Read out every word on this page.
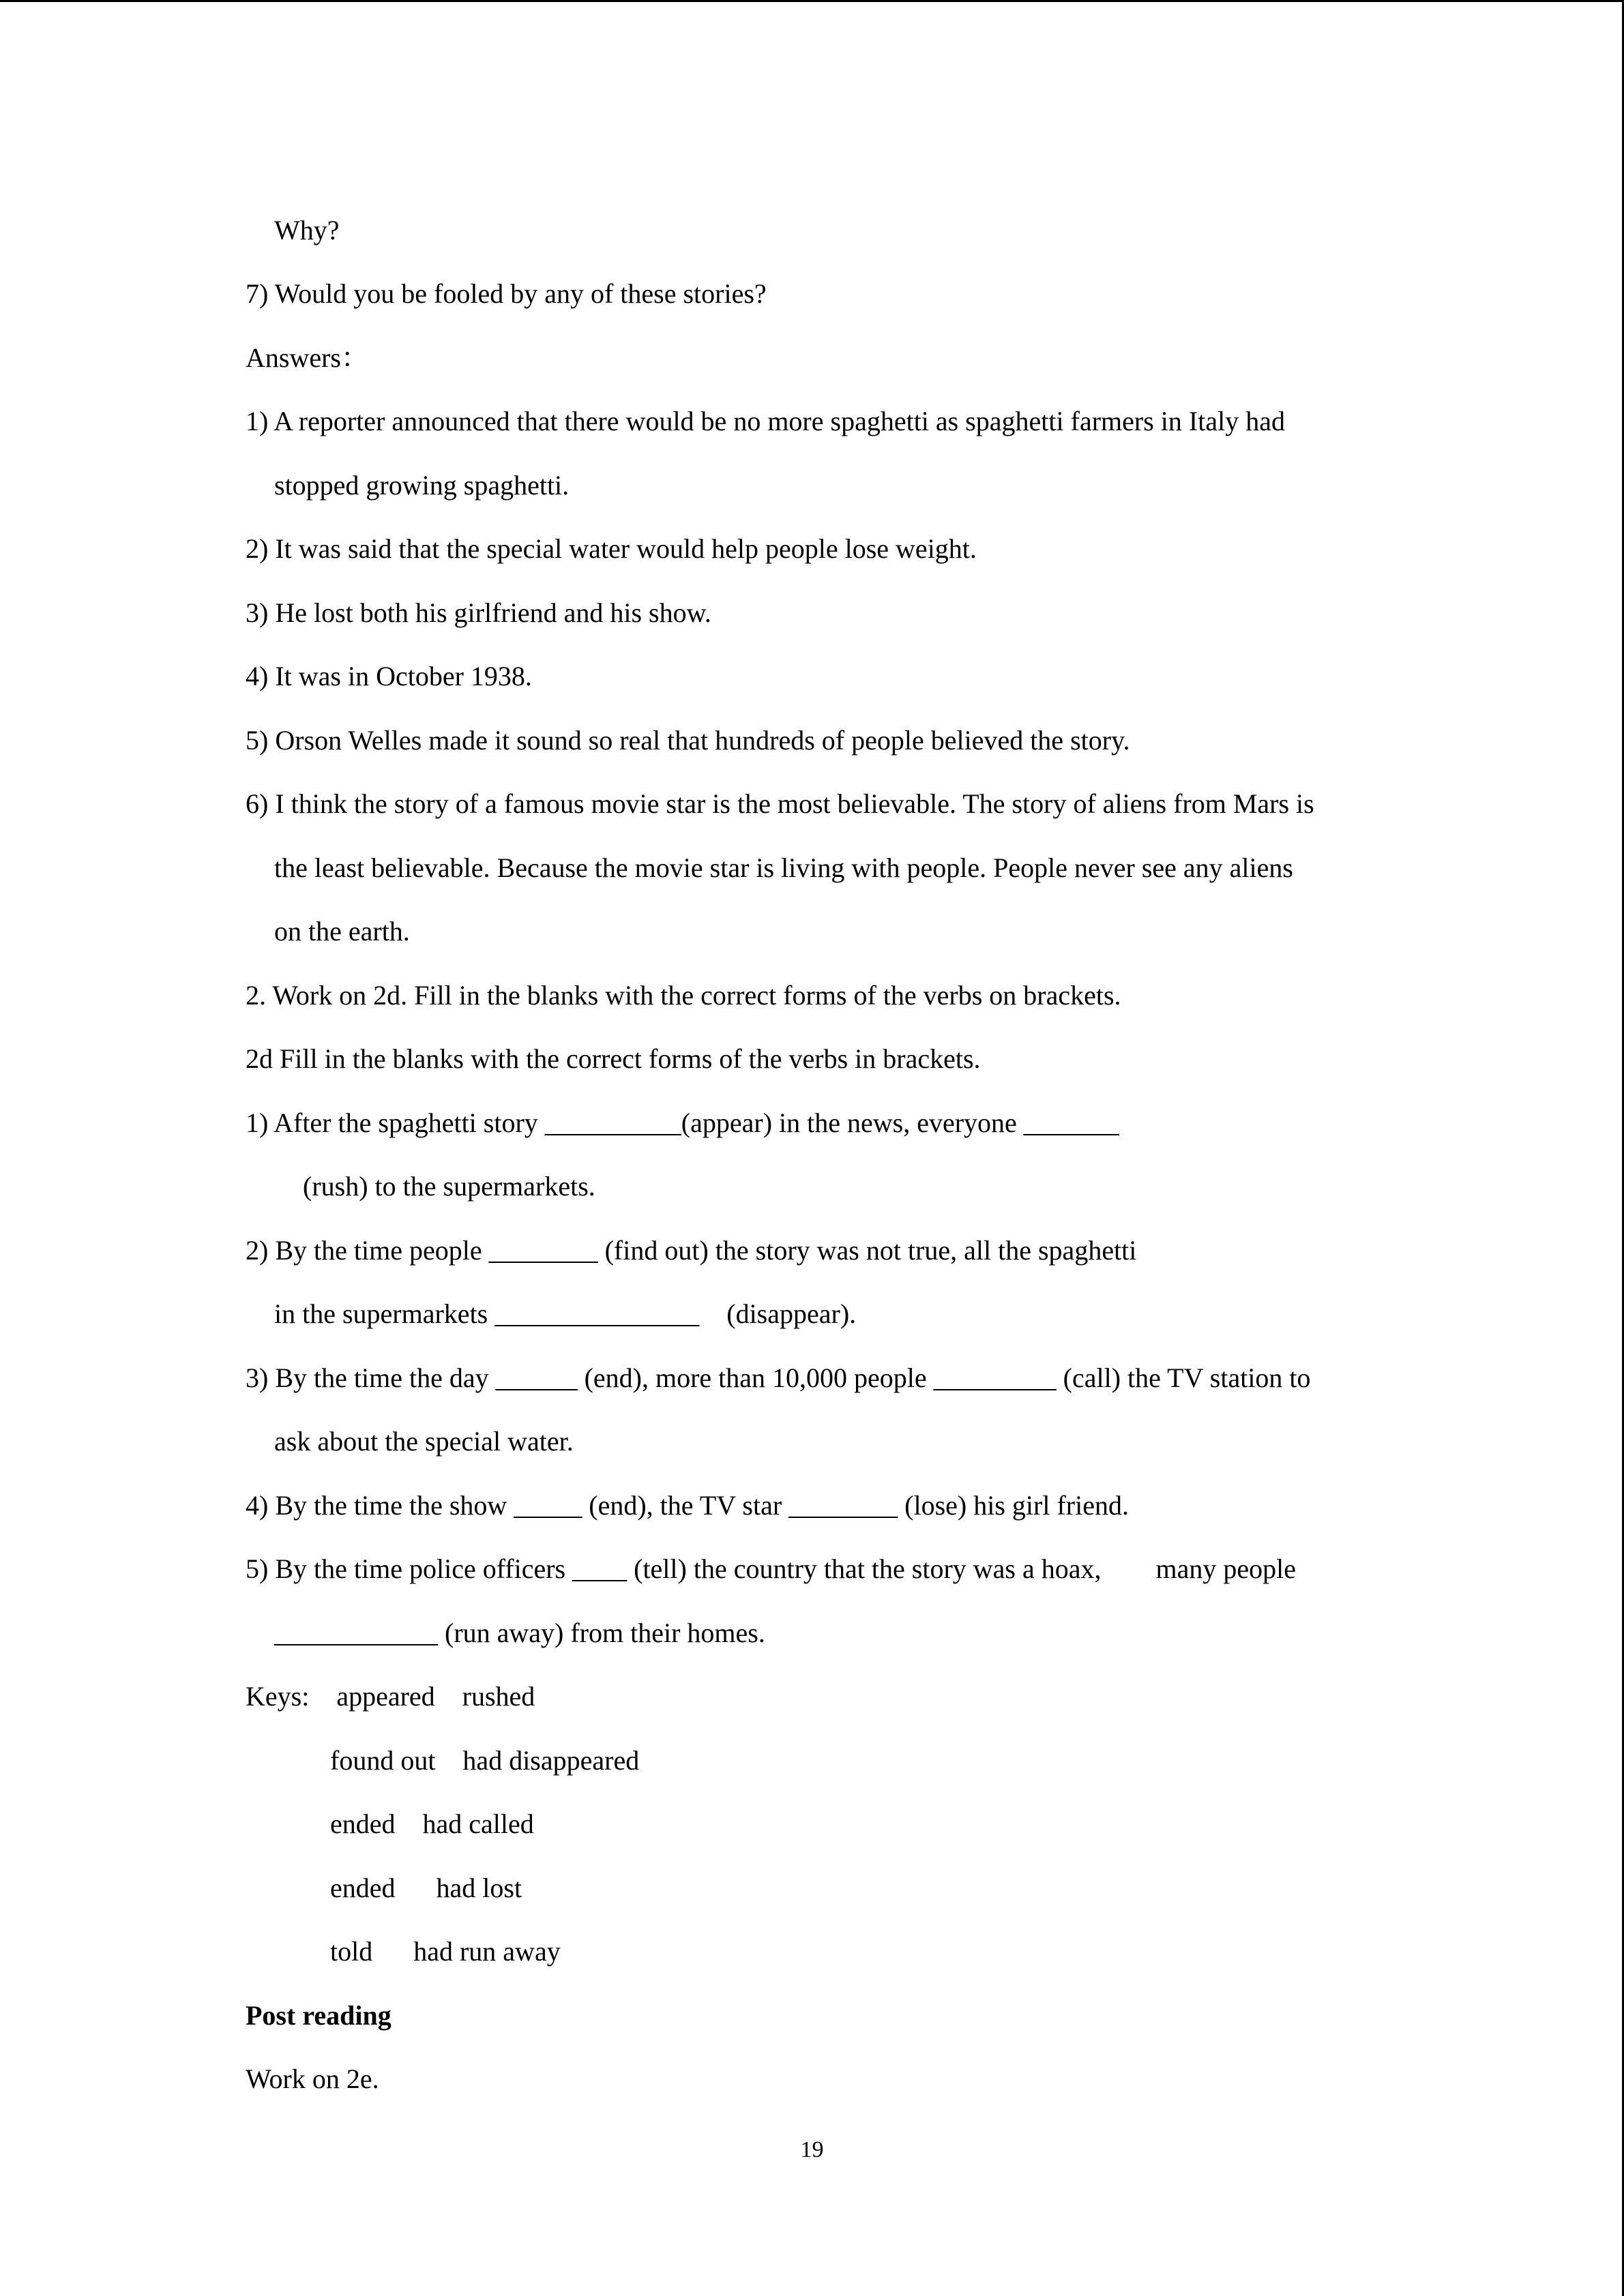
Why?
7) Would you be fooled by any of these stories?
Answers：
1) A reporter announced that there would be no more spaghetti as spaghetti farmers in Italy had
stopped growing spaghetti.
2) It was said that the special water would help people lose weight.
3) He lost both his girlfriend and his show.
4) It was in October 1938.
5) Orson Welles made it sound so real that hundreds of people believed the story.
6) I think the story of a famous movie star is the most believable. The story of aliens from Mars is
the least believable. Because the movie star is living with people. People never see any aliens
on the earth.
2. Work on 2d. Fill in the blanks with the correct forms of the verbs on brackets.
2d Fill in the blanks with the correct forms of the verbs in brackets.
1) After the spaghetti story __________(appear) in the news, everyone _______
(rush) to the supermarkets.
2) By the time people ________ (find out) the story was not true, all the spaghetti
in the supermarkets _______________    (disappear).
3) By the time the day ______ (end), more than 10,000 people _________ (call) the TV station to
ask about the special water.
4) By the time the show _____ (end), the TV star ________ (lose) his girl friend.
5) By the time police officers ____ (tell) the country that the story was a hoax,        many people
____________ (run away) from their homes.
Keys:    appeared    rushed
found out    had disappeared
ended    had called
ended      had lost
told      had run away
Post reading
Work on 2e.
19
